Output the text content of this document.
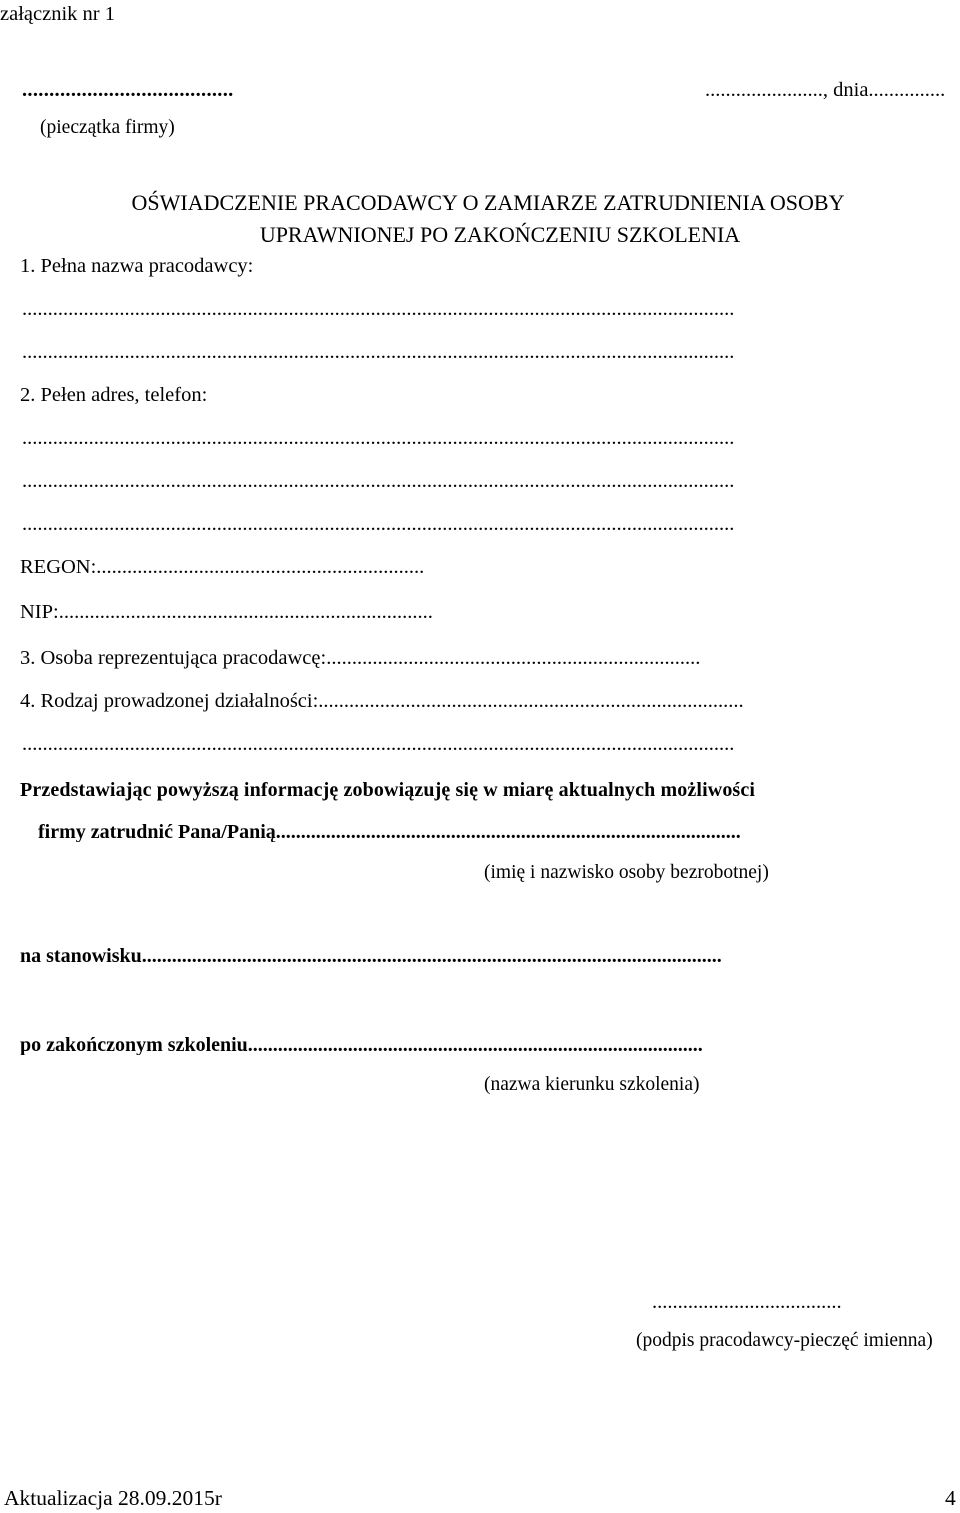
załącznik nr 1
.......................................
(pieczątka firmy)
......................., dnia...............
OŚWIADCZENIE PRACODAWCY O ZAMIARZE ZATRUDNIENIA OSOBY
UPRAWNIONEJ PO ZAKOŃCZENIU SZKOLENIA
1. Pełna nazwa pracodawcy:
...........................................................................................................................................
...........................................................................................................................................
2. Pełen adres, telefon:
...........................................................................................................................................
...........................................................................................................................................
...........................................................................................................................................
REGON:................................................................
NIP:.........................................................................
3. Osoba reprezentująca pracodawcę:.........................................................................
4. Rodzaj prowadzonej działalności:...................................................................................
...........................................................................................................................................
Przedstawiając powyższą informację zobowiązuję się w miarę aktualnych możliwości
firmy zatrudnić Pana/Panią.............................................................................................
(imię i nazwisko osoby bezrobotnej)
na stanowisku....................................................................................................................
po zakończonym szkoleniu...........................................................................................
(nazwa kierunku szkolenia)
.....................................
(podpis pracodawcy-pieczęć imienna)
Aktualizacja 28.09.2015r	4
